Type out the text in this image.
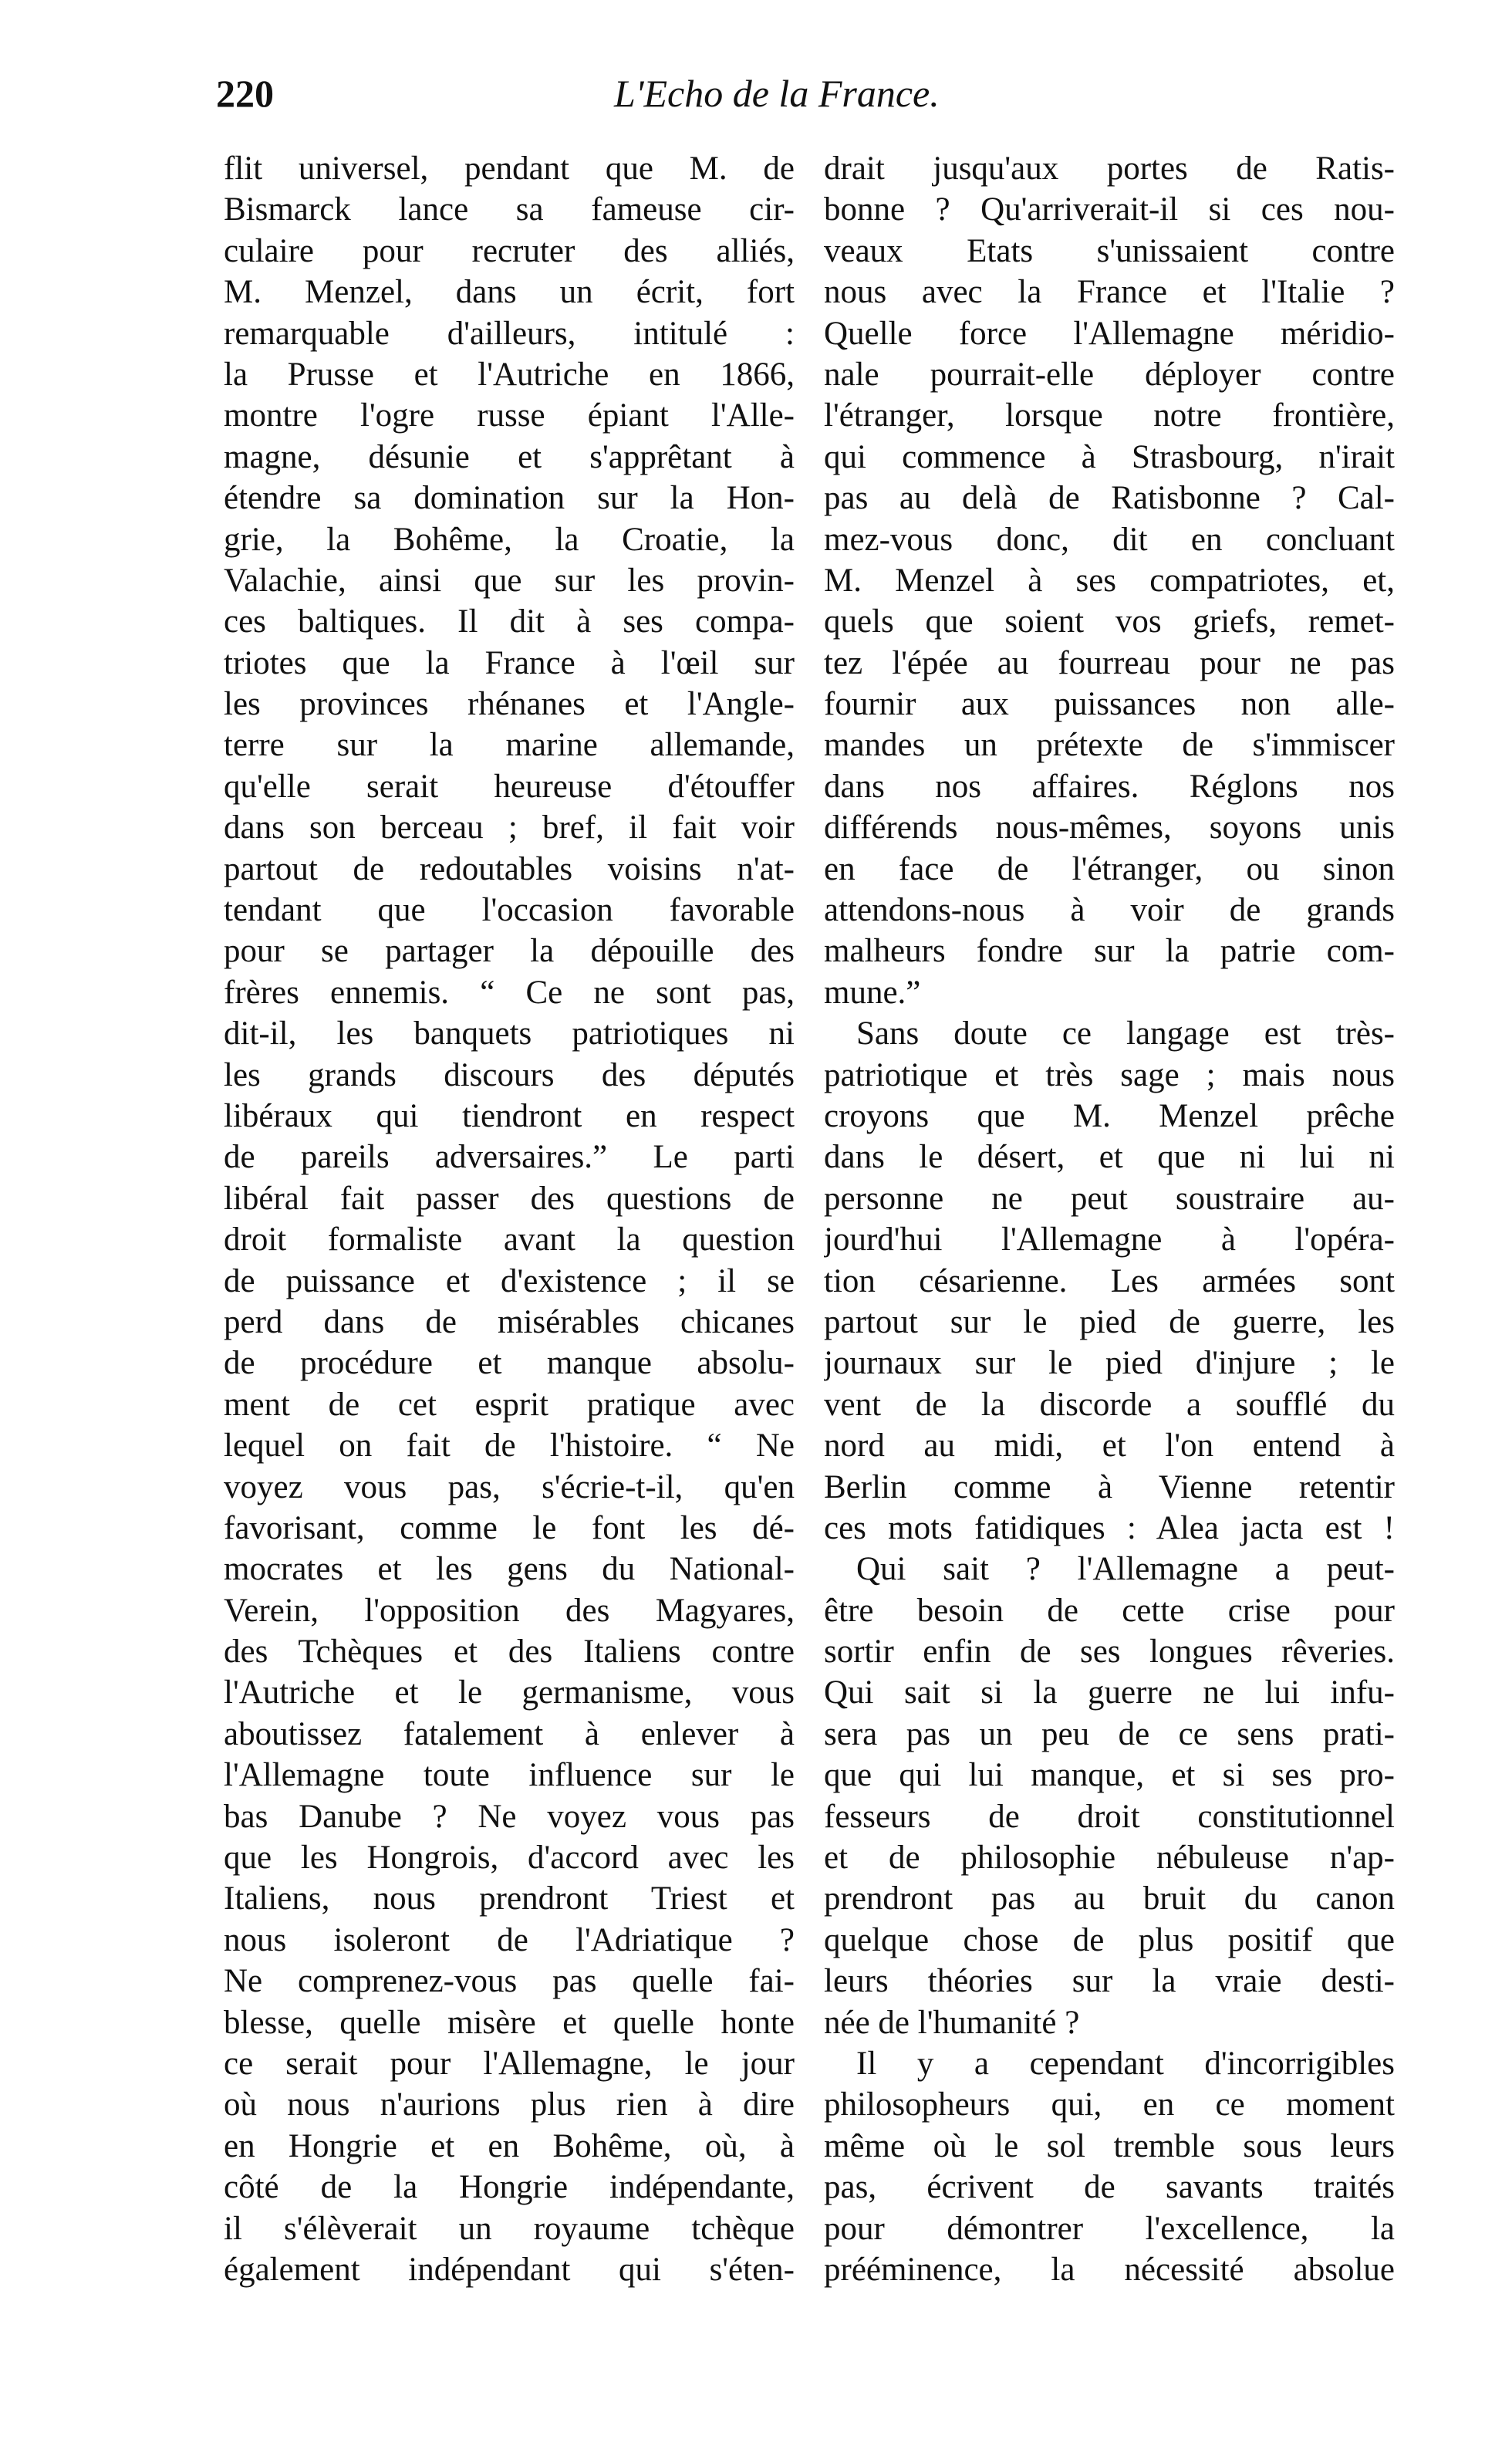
220	L'Echo de la France.
flit universel, pendant que M. de
Bismarck lance sa fameuse cir-
culaire pour recruter des alliés,
M. Menzel, dans un écrit, fort
remarquable d'ailleurs, intitulé :
la Prusse et l'Autriche en 1866,
montre l'ogre russe épiant l'Alle-
magne, désunie et s'apprêtant à
étendre sa domination sur la Hon-
grie, la Bohême, la Croatie, la
Valachie, ainsi que sur les provin-
ces baltiques. Il dit à ses compa-
triotes que la France à l'œil sur
les provinces rhénanes et l'Angle-
terre sur la marine allemande,
qu'elle serait heureuse d'étouffer
dans son berceau ; bref, il fait voir
partout de redoutables voisins n'at-
tendant que l'occasion favorable
pour se partager la dépouille des
frères ennemis. “ Ce ne sont pas,
dit-il, les banquets patriotiques ni
les grands discours des députés
libéraux qui tiendront en respect
de pareils adversaires.” Le parti
libéral fait passer des questions de
droit formaliste avant la question
de puissance et d'existence ; il se
perd dans de misérables chicanes
de procédure et manque absolu-
ment de cet esprit pratique avec
lequel on fait de l'histoire. “ Ne
voyez vous pas, s'écrie-t-il, qu'en
favorisant, comme le font les dé-
mocrates et les gens du National-
Verein, l'opposition des Magyares,
des Tchèques et des Italiens contre
l'Autriche et le germanisme, vous
aboutissez fatalement à enlever à
l'Allemagne toute influence sur le
bas Danube ? Ne voyez vous pas
que les Hongrois, d'accord avec les
Italiens, nous prendront Triest et
nous isoleront de l'Adriatique ?
Ne comprenez-vous pas quelle fai-
blesse, quelle misère et quelle honte
ce serait pour l'Allemagne, le jour
où nous n'aurions plus rien à dire
en Hongrie et en Bohême, où, à
côté de la Hongrie indépendante,
il s'élèverait un royaume tchèque
également indépendant qui s'éten-
drait jusqu'aux portes de Ratis-
bonne ? Qu'arriverait-il si ces nou-
veaux Etats s'unissaient contre
nous avec la France et l'Italie ?
Quelle force l'Allemagne méridio-
nale pourrait-elle déployer contre
l'étranger, lorsque notre frontière,
qui commence à Strasbourg, n'irait
pas au delà de Ratisbonne ? Cal-
mez-vous donc, dit en concluant
M. Menzel à ses compatriotes, et,
quels que soient vos griefs, remet-
tez l'épée au fourreau pour ne pas
fournir aux puissances non alle-
mandes un prétexte de s'immiscer
dans nos affaires. Réglons nos
différends nous-mêmes, soyons unis
en face de l'étranger, ou sinon
attendons-nous à voir de grands
malheurs fondre sur la patrie com-
mune.”
Sans doute ce langage est très-
patriotique et très sage ; mais nous
croyons que M. Menzel prêche
dans le désert, et que ni lui ni
personne ne peut soustraire au-
jourd'hui l'Allemagne à l'opéra-
tion césarienne. Les armées sont
partout sur le pied de guerre, les
journaux sur le pied d'injure ; le
vent de la discorde a soufflé du
nord au midi, et l'on entend à
Berlin comme à Vienne retentir
ces mots fatidiques : Alea jacta est !
Qui sait ? l'Allemagne a peut-
être besoin de cette crise pour
sortir enfin de ses longues rêveries.
Qui sait si la guerre ne lui infu-
sera pas un peu de ce sens prati-
que qui lui manque, et si ses pro-
fesseurs de droit constitutionnel
et de philosophie nébuleuse n'ap-
prendront pas au bruit du canon
quelque chose de plus positif que
leurs théories sur la vraie desti-
née de l'humanité ?
Il y a cependant d'incorrigibles
philosopheurs qui, en ce moment
même où le sol tremble sous leurs
pas, écrivent de savants traités
pour démontrer l'excellence, la
prééminence, la nécessité absolue
